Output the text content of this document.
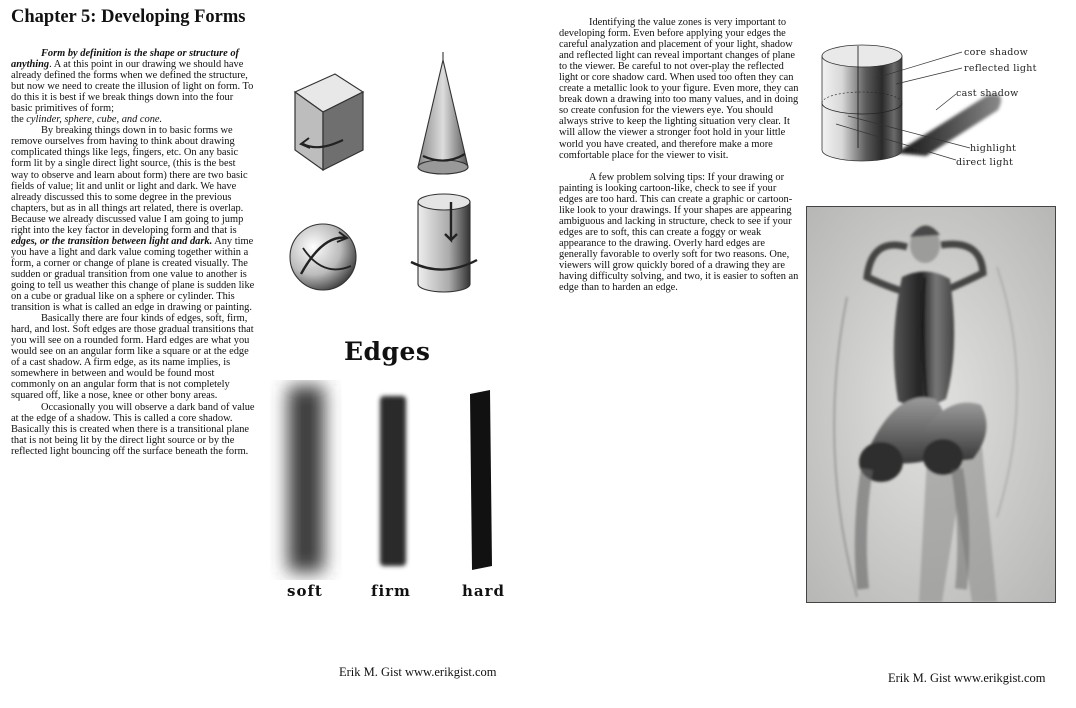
Chapter 5: Developing Forms

Form by definition is the shape or structure of anything. A at this point in our drawing we should have already defined the forms when we defined the structure, but now we need to create the illusion of light on form. To do this it is best if we break things down into the four basic primitives of form;
the cylinder, sphere, cube, and cone.

By breaking things down in to basic forms we remove ourselves from having to think about drawing complicated things like legs, fingers, etc. On any basic form lit by a single direct light source, (this is the best way to observe and learn about form) there are two basic fields of value; lit and unlit or light and dark. We have already discussed this to some degree in the previous chapters, but as in all things art related, there is overlap. Because we already discussed value I am going to jump right into the key factor in developing form and that is edges, or the transition between light and dark. Any time you have a light and dark value coming together within a form, a corner or change of plane is created visually. The sudden or gradual transition from one value to another is going to tell us weather this change of plane is sudden like on a cube or gradual like on a sphere or cylinder. This transition is what is called an edge in drawing or painting.

Basically there are four kinds of edges, soft, firm, hard, and lost. Soft edges are those gradual transitions that you will see on a rounded form. Hard edges are what you would see on an angular form like a square or at the edge of a cast shadow. A firm edge, as its name implies, is somewhere in between and would be found most commonly on an angular form that is not completely squared off, like a nose, knee or other bony areas.

Occasionally you will observe a dark band of value at the edge of a shadow. This is called a core shadow. Basically this is created when there is a transitional plane that is not being lit by the direct light source or by the reflected light bouncing off the surface beneath the form.

Edges
soft	firm	hard
Erik M. Gist www.erikgist.com

Identifying the value zones is very important to developing form. Even before applying your edges the careful analyzation and placement of your light, shadow and reflected light can reveal important changes of plane to the viewer. Be careful to not over-play the reflected light or core shadow card. When used too often they can create a metallic look to your figure. Even more, they can break down a drawing into too many values, and in doing so create confusion for the viewers eye. You should always strive to keep the lighting situation very clear. It will allow the viewer a stronger foot hold in your little world you have created, and therefore make a more comfortable place for the viewer to visit.

A few problem solving tips: If your drawing or painting is looking cartoon-like, check to see if your edges are too hard. This can create a graphic or cartoon-like look to your drawings. If your shapes are appearing ambiguous and lacking in structure, check to see if your edges are to soft, this can create a foggy or weak appearance to the drawing. Overly hard edges are generally favorable to overly soft for two reasons. One, viewers will grow quickly bored of a drawing they are having difficulty solving, and two, it is easier to soften an edge than to harden an edge.

core shadow
reflected light
cast shadow
highlight
direct light
Erik M. Gist www.erikgist.com
